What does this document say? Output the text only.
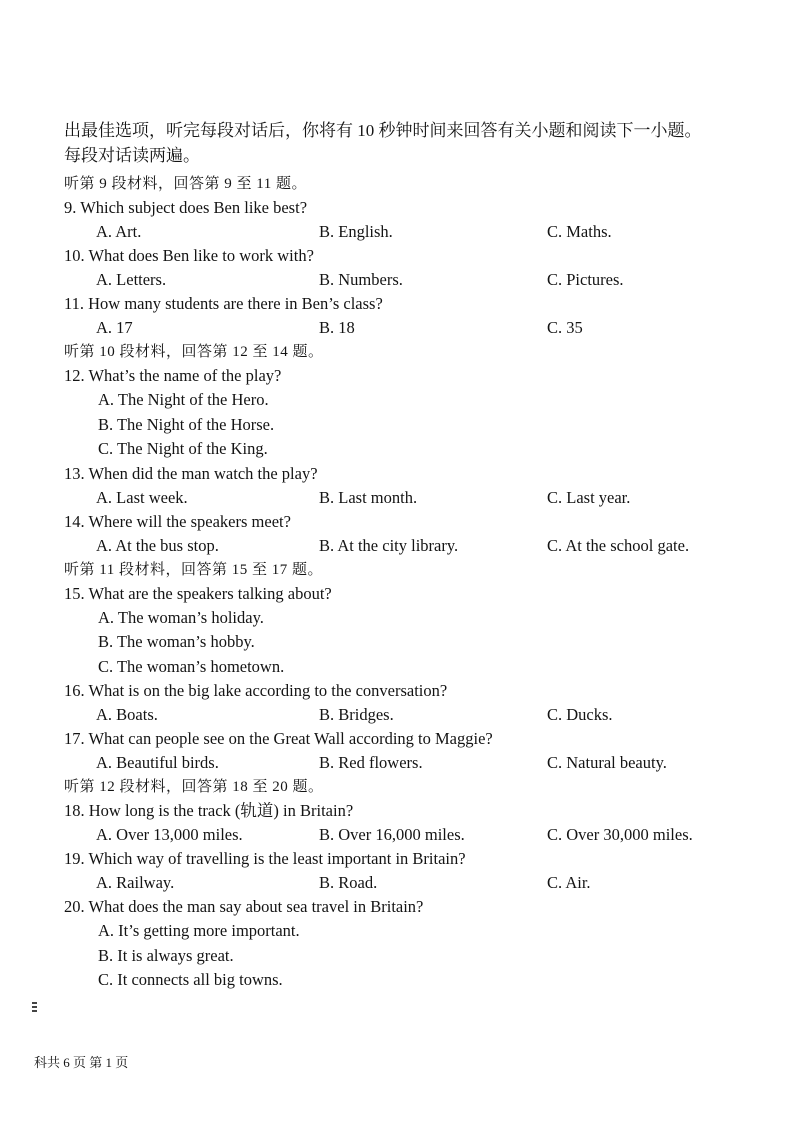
出最佳选项，听完每段对话后，你将有 10 秒钟时间来回答有关小题和阅读下一小题。
每段对话读两遍。
听第 9 段材料，回答第 9 至 11 题。
9. Which subject does Ben like best?
A. Art.	B. English.	C. Maths.
10. What does Ben like to work with?
A. Letters.	B. Numbers.	C. Pictures.
11. How many students are there in Ben’s class?
A. 17	B. 18	C. 35
听第 10 段材料，回答第 12 至 14 题。
12. What’s the name of the play?
A. The Night of the Hero.
B. The Night of the Horse.
C. The Night of the King.
13. When did the man watch the play?
A. Last week.	B. Last month.	C. Last year.
14. Where will the speakers meet?
A. At the bus stop.	B. At the city library.	C. At the school gate.
听第 11 段材料，回答第 15 至 17 题。
15. What are the speakers talking about?
A. The woman’s holiday.
B. The woman’s hobby.
C. The woman’s hometown.
16. What is on the big lake according to the conversation?
A. Boats.	B. Bridges.	C. Ducks.
17. What can people see on the Great Wall according to Maggie?
A. Beautiful birds.	B. Red flowers.	C. Natural beauty.
听第 12 段材料，回答第 18 至 20 题。
18. How long is the track (轨道) in Britain?
A. Over 13,000 miles.	B. Over 16,000 miles.	C. Over 30,000 miles.
19. Which way of travelling is the least important in Britain?
A. Railway.	B. Road.	C. Air.
20. What does the man say about sea travel in Britain?
A. It’s getting more important.
B. It is always great.
C. It connects all big towns.
科共 6 页 第 1 页
